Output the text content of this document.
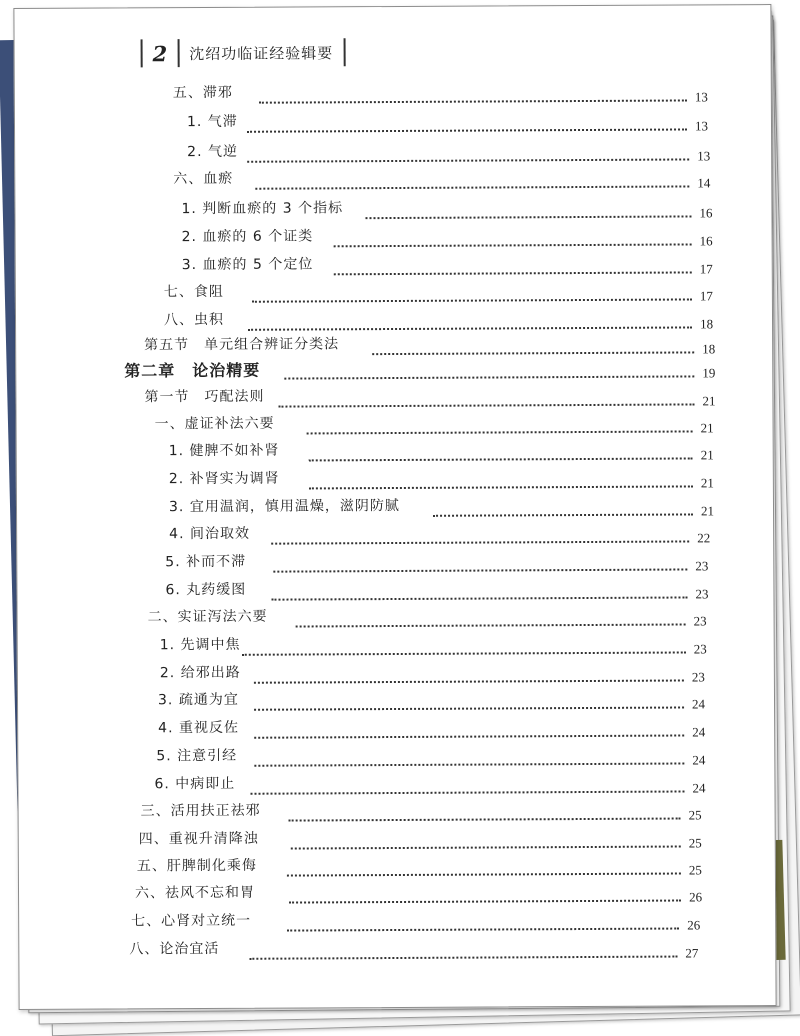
2 沈绍功临证经验辑要
五、滞邪	13
1. 气滞	13
2. 气逆	13
六、血瘀	14
1. 判断血瘀的 3 个指标	16
2. 血瘀的 6 个证类	16
3. 血瘀的 5 个定位	17
七、食阻	17
八、虫积	18
第五节　单元组合辨证分类法	18
第二章　论治精要	19
第一节　巧配法则	21
一、虚证补法六要	21
1. 健脾不如补肾	21
2. 补肾实为调肾	21
3. 宜用温润，慎用温燥，滋阴防腻	21
4. 间治取效	22
5. 补而不滞	23
6. 丸药缓图	23
二、实证泻法六要	23
1. 先调中焦	23
2. 给邪出路	23
3. 疏通为宜	24
4. 重视反佐	24
5. 注意引经	24
6. 中病即止	24
三、活用扶正祛邪	25
四、重视升清降浊	25
五、肝脾制化乘侮	25
六、祛风不忘和胃	26
七、心肾对立统一	26
八、论治宜活	27
